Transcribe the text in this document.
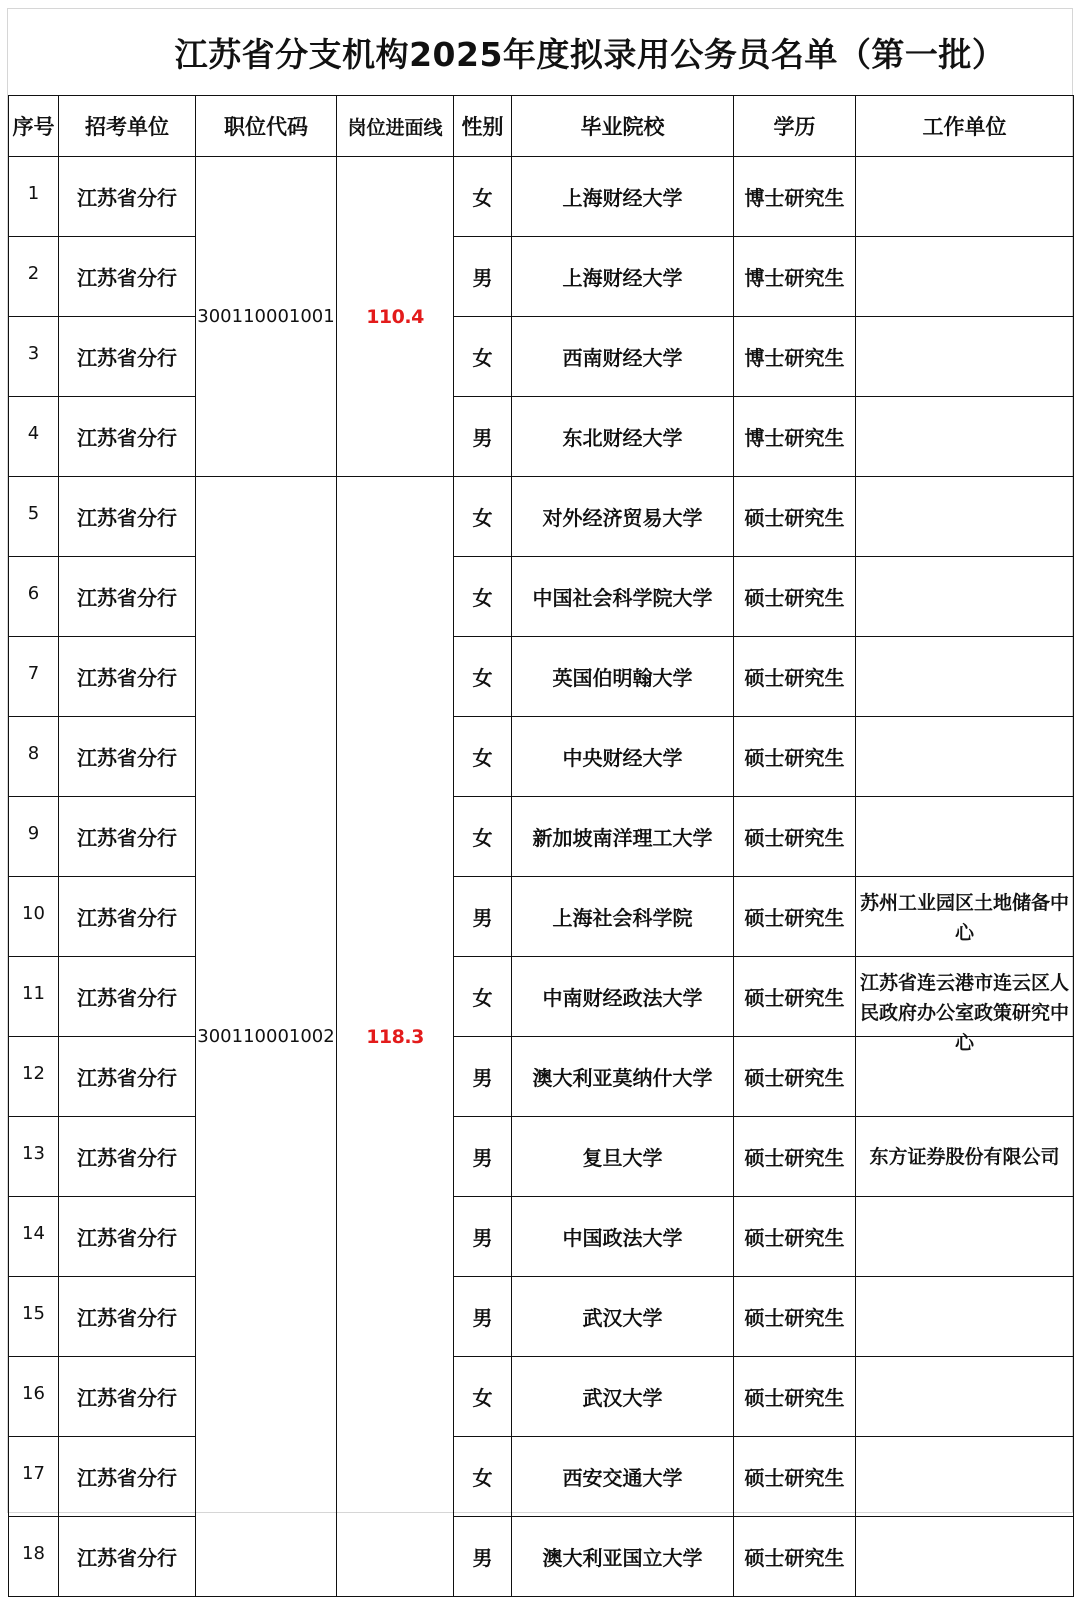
江苏省分支机构2025年度拟录用公务员名单（第一批）
序号	招考单位	职位代码	岗位进面线	性别	毕业院校	学历	工作单位
1	江苏省分行	300110001001	110.4	女	上海财经大学	博士研究生	

2	江苏省分行			男	上海财经大学	博士研究生	

3	江苏省分行			女	西南财经大学	博士研究生	

4	江苏省分行			男	东北财经大学	博士研究生	

5	江苏省分行	300110001002	118.3	女	对外经济贸易大学	硕士研究生	

6	江苏省分行			女	中国社会科学院大学	硕士研究生	

7	江苏省分行			女	英国伯明翰大学	硕士研究生	

8	江苏省分行			女	中央财经大学	硕士研究生	

9	江苏省分行			女	新加坡南洋理工大学	硕士研究生	

10	江苏省分行			男	上海社会科学院	硕士研究生	苏州工业园区土地储备中心

11	江苏省分行			女	中南财经政法大学	硕士研究生	江苏省连云港市连云区人民政府办公室政策研究中心

12	江苏省分行			男	澳大利亚莫纳什大学	硕士研究生	

13	江苏省分行			男	复旦大学	硕士研究生	东方证券股份有限公司

14	江苏省分行			男	中国政法大学	硕士研究生	

15	江苏省分行			男	武汉大学	硕士研究生	

16	江苏省分行			女	武汉大学	硕士研究生	

17	江苏省分行			女	西安交通大学	硕士研究生	

18	江苏省分行			男	澳大利亚国立大学	硕士研究生	
